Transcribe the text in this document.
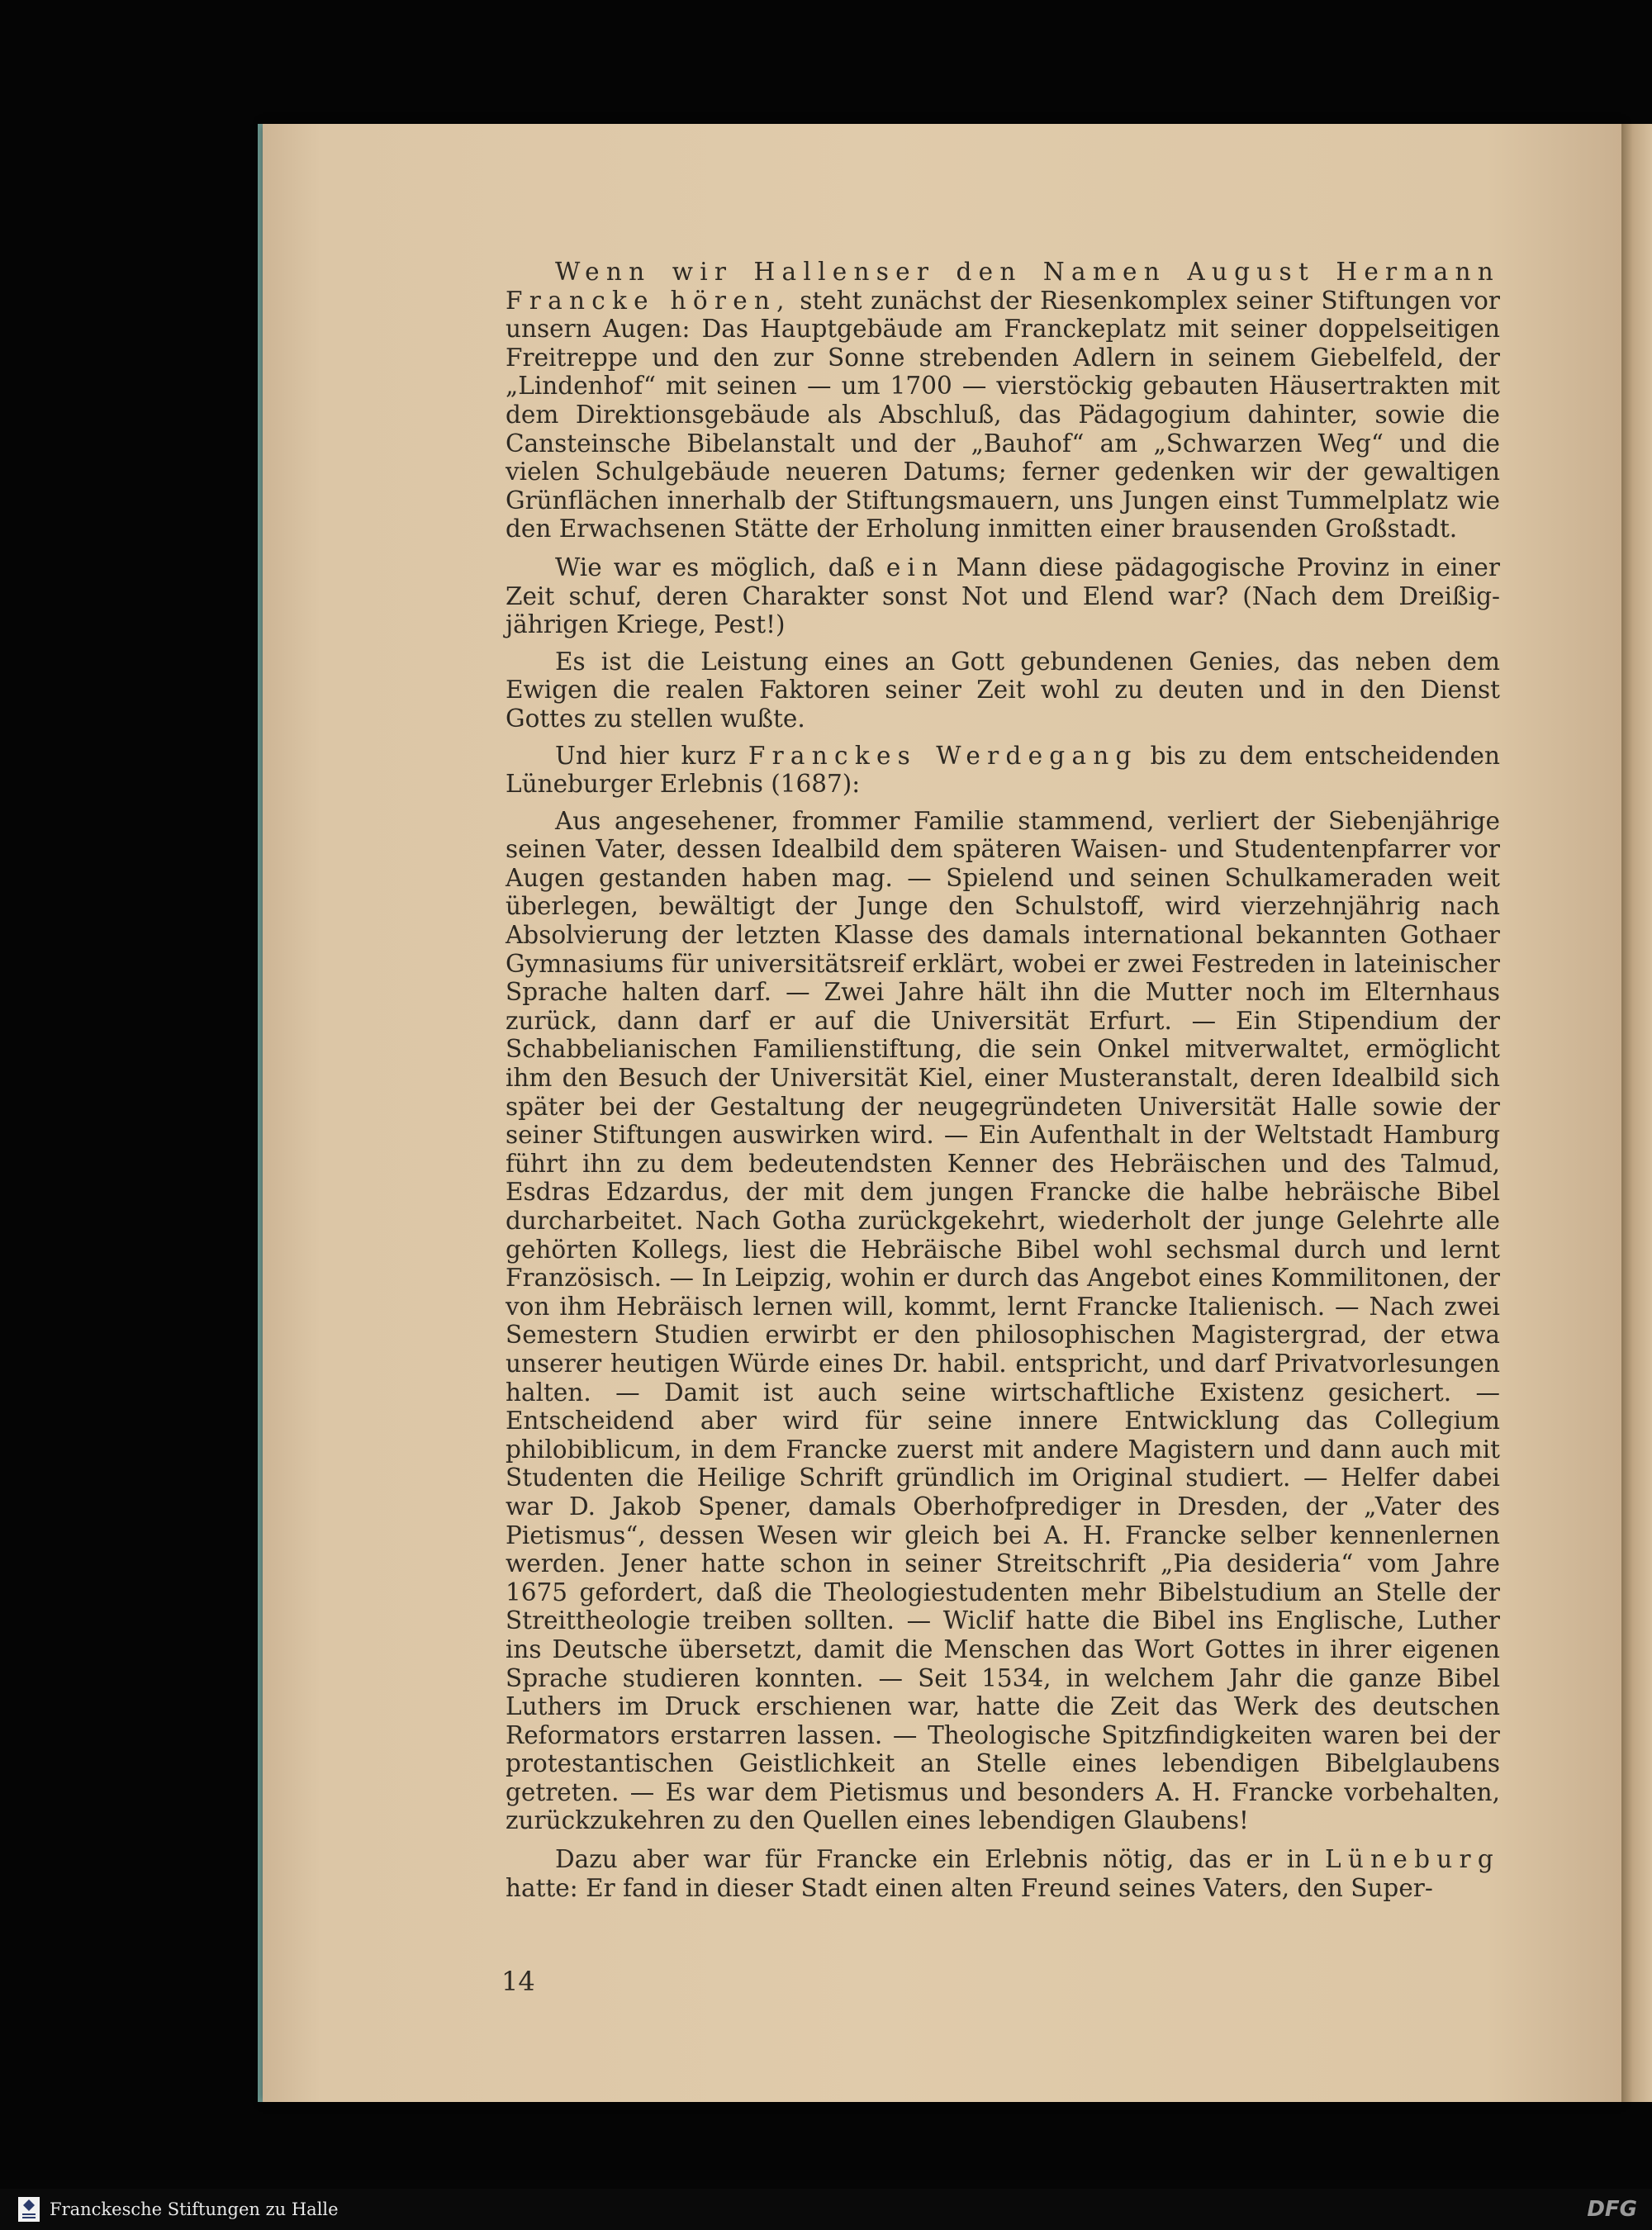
Wenn wir Hallenser den Namen August Hermann Francke hören, steht zunächst der Riesenkomplex seiner Stiftungen vor unsern Augen: Das Hauptgebäude am Franckeplatz mit seiner doppelseitigen Freitreppe und den zur Sonne strebenden Adlern in seinem Giebelfeld, der „Lindenhof“ mit seinen — um 1700 — vierstöckig gebauten Häusertrakten mit dem Direktionsgebäude als Abschluß, das Pädagogium dahinter, sowie die Cansteinsche Bibelanstalt und der „Bauhof“ am „Schwarzen Weg“ und die vielen Schulgebäude neueren Datums; ferner gedenken wir der gewaltigen Grünflächen innerhalb der Stiftungsmauern, uns Jungen einst Tummelplatz wie den Erwachsenen Stätte der Erholung inmitten einer brausenden Großstadt.

Wie war es möglich, daß ein Mann diese pädagogische Provinz in einer Zeit schuf, deren Charakter sonst Not und Elend war? (Nach dem Dreißigjährigen Kriege, Pest!)

Es ist die Leistung eines an Gott gebundenen Genies, das neben dem Ewigen die realen Faktoren seiner Zeit wohl zu deuten und in den Dienst Gottes zu stellen wußte.

Und hier kurz Franckes Werdegang bis zu dem entscheidenden Lüneburger Erlebnis (1687):

Aus angesehener, frommer Familie stammend, verliert der Siebenjährige seinen Vater, dessen Idealbild dem späteren Waisen- und Studentenpfarrer vor Augen gestanden haben mag. — Spielend und seinen Schulkameraden weit überlegen, bewältigt der Junge den Schulstoff, wird vierzehnjährig nach Absolvierung der letzten Klasse des damals international bekannten Gothaer Gymnasiums für universitätsreif erklärt, wobei er zwei Festreden in lateinischer Sprache halten darf. — Zwei Jahre hält ihn die Mutter noch im Elternhaus zurück, dann darf er auf die Universität Erfurt. — Ein Stipendium der Schabbelianischen Familienstiftung, die sein Onkel mitverwaltet, ermöglicht ihm den Besuch der Universität Kiel, einer Musteranstalt, deren Idealbild sich später bei der Gestaltung der neugegründeten Universität Halle sowie der seiner Stiftungen auswirken wird. — Ein Aufenthalt in der Weltstadt Hamburg führt ihn zu dem bedeutendsten Kenner des Hebräischen und des Talmud, Esdras Edzardus, der mit dem jungen Francke die halbe hebräische Bibel durcharbeitet. Nach Gotha zurückgekehrt, wiederholt der junge Gelehrte alle gehörten Kollegs, liest die Hebräische Bibel wohl sechsmal durch und lernt Französisch. — In Leipzig, wohin er durch das Angebot eines Kommilitonen, der von ihm Hebräisch lernen will, kommt, lernt Francke Italienisch. — Nach zwei Semestern Studien erwirbt er den philosophischen Magistergrad, der etwa unserer heutigen Würde eines Dr. habil. entspricht, und darf Privatvorlesungen halten. — Damit ist auch seine wirtschaftliche Existenz gesichert. — Entscheidend aber wird für seine innere Entwicklung das Collegium philobiblicum, in dem Francke zuerst mit andere Magistern und dann auch mit Studenten die Heilige Schrift gründlich im Original studiert. — Helfer dabei war D. Jakob Spener, damals Oberhofprediger in Dresden, der „Vater des Pietismus“, dessen Wesen wir gleich bei A. H. Francke selber kennenlernen werden. Jener hatte schon in seiner Streitschrift „Pia desideria“ vom Jahre 1675 gefordert, daß die Theologiestudenten mehr Bibelstudium an Stelle der Streittheologie treiben sollten. — Wiclif hatte die Bibel ins Englische, Luther ins Deutsche übersetzt, damit die Menschen das Wort Gottes in ihrer eigenen Sprache studieren konnten. — Seit 1534, in welchem Jahr die ganze Bibel Luthers im Druck erschienen war, hatte die Zeit das Werk des deutschen Reformators erstarren lassen. — Theologische Spitzfindigkeiten waren bei der protestantischen Geistlichkeit an Stelle eines lebendigen Bibelglaubens getreten. — Es war dem Pietismus und besonders A. H. Francke vorbehalten, zurückzukehren zu den Quellen eines lebendigen Glaubens!

Dazu aber war für Francke ein Erlebnis nötig, das er in Lüneburg hatte: Er fand in dieser Stadt einen alten Freund seines Vaters, den Super-

14
Franckesche Stiftungen zu Halle	DFG
